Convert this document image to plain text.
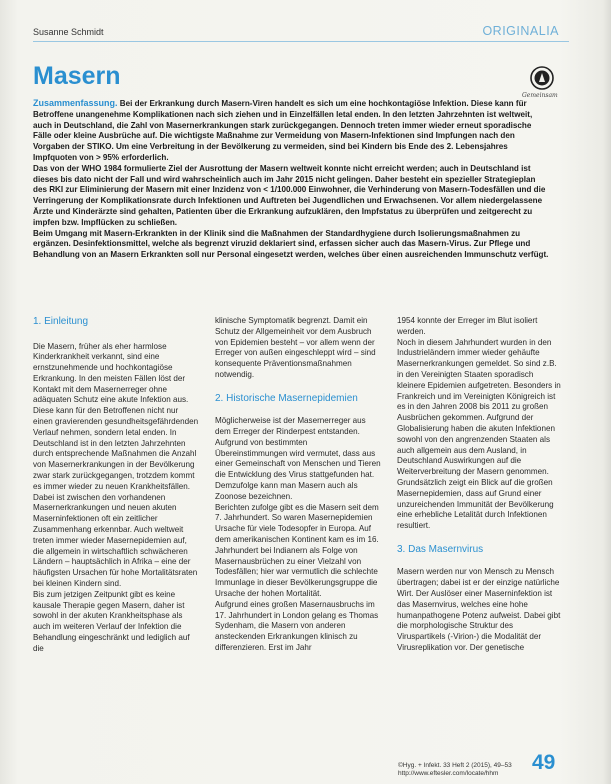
Susanne Schmidt	ORIGINALIA
Masern
Gemeinsam

Zusammenfassung. Bei der Erkrankung durch Masern-Viren handelt es sich um eine hochkontagiöse Infektion. Diese kann für Betroffene unangenehme Komplikationen nach sich ziehen und in Einzelfällen letal enden. In den letzten Jahrzehnten ist weltweit, auch in Deutschland, die Zahl von Masernerkrankungen stark zurückgegangen. Dennoch treten immer wieder erneut sporadische Fälle oder kleine Ausbrüche auf. Die wichtigste Maßnahme zur Vermeidung von Masern-Infektionen sind Impfungen nach den Vorgaben der STIKO. Um eine Verbreitung in der Bevölkerung zu vermeiden, sind bei Kindern bis Ende des 2. Lebensjahres Impfquoten von > 95% erforderlich.

Das von der WHO 1984 formulierte Ziel der Ausrottung der Masern weltweit konnte nicht erreicht werden; auch in Deutschland ist dieses bis dato nicht der Fall und wird wahrscheinlich auch im Jahr 2015 nicht gelingen. Daher besteht ein spezieller Strategieplan des RKI zur Eliminierung der Masern mit einer Inzidenz von < 1/100.000 Einwohner, die Verhinderung von Masern-Todesfällen und die Verringerung der Komplikationsrate durch Infektionen und Auftreten bei Jugendlichen und Erwachsenen. Vor allem niedergelassene Ärzte und Kinderärzte sind gehalten, Patienten über die Erkrankung aufzuklären, den Impfstatus zu überprüfen und zeitgerecht zu impfen bzw. Impflücken zu schließen.

Beim Umgang mit Masern-Erkrankten in der Klinik sind die Maßnahmen der Standardhygiene durch Isolierungsmaßnahmen zu ergänzen. Desinfektionsmittel, welche als begrenzt viruzid deklariert sind, erfassen sicher auch das Masern-Virus. Zur Pflege und Behandlung von an Masern Erkrankten soll nur Personal eingesetzt werden, welches über einen ausreichenden Immunschutz verfügt.

1. Einleitung

Die Masern, früher als eher harmlose Kinderkrankheit verkannt, sind eine ernstzunehmende und hochkontagiöse Erkrankung. In den meisten Fällen löst der Kontakt mit dem Masernerreger ohne adäquaten Schutz eine akute Infektion aus. Diese kann für den Betroffenen nicht nur einen gravierenden gesundheitsgefährdenden Verlauf nehmen, sondern letal enden. In Deutschland ist in den letzten Jahrzehnten durch entsprechende Maßnahmen die Anzahl von Masernerkrankungen in der Bevölkerung zwar stark zurückgegangen, trotzdem kommt es immer wieder zu neuen Krankheitsfällen. Dabei ist zwischen den vorhandenen Masernerkrankungen und neuen akuten Maserninfektionen oft ein zeitlicher Zusammenhang erkennbar. Auch weltweit treten immer wieder Masernepidemien auf, die allgemein in wirtschaftlich schwächeren Ländern – hauptsächlich in Afrika – eine der häufigsten Ursachen für hohe Mortalitätsraten bei kleinen Kindern sind.

Bis zum jetzigen Zeitpunkt gibt es keine kausale Therapie gegen Masern, daher ist sowohl in der akuten Krankheitsphase als auch im weiteren Verlauf der Infektion die Behandlung eingeschränkt und lediglich auf die

klinische Symptomatik begrenzt. Damit ein Schutz der Allgemeinheit vor dem Ausbruch von Epidemien besteht – vor allem wenn der Erreger von außen eingeschleppt wird – sind konsequente Präventionsmaßnahmen notwendig.

2. Historische Masernepidemien

Möglicherweise ist der Masernerreger aus dem Erreger der Rinderpest entstanden. Aufgrund von bestimmten Übereinstimmungen wird vermutet, dass aus einer Gemeinschaft von Menschen und Tieren die Entwicklung des Virus stattgefunden hat. Demzufolge kann man Masern auch als Zoonose bezeichnen.

Berichten zufolge gibt es die Masern seit dem 7. Jahrhundert. So waren Masernepidemien Ursache für viele Todesopfer in Europa. Auf dem amerikanischen Kontinent kam es im 16. Jahrhundert bei Indianern als Folge von Masernausbrüchen zu einer Vielzahl von Todesfällen; hier war vermutlich die schlechte Immunlage in dieser Bevölkerungsgruppe die Ursache der hohen Mortalität.

Aufgrund eines großen Masernausbruchs im 17. Jahrhundert in London gelang es Thomas Sydenham, die Masern von anderen ansteckenden Erkrankungen klinisch zu differenzieren. Erst im Jahr

1954 konnte der Erreger im Blut isoliert werden.

Noch in diesem Jahrhundert wurden in den Industrieländern immer wieder gehäufte Masernerkrankungen gemeldet. So sind z.B. in den Vereinigten Staaten sporadisch kleinere Epidemien aufgetreten. Besonders in Frankreich und im Vereinigten Königreich ist es in den Jahren 2008 bis 2011 zu großen Ausbrüchen gekommen. Aufgrund der Globalisierung haben die akuten Infektionen sowohl von den angrenzenden Staaten als auch allgemein aus dem Ausland, in Deutschland Auswirkungen auf die Weiterverbreitung der Masern genommen.

Grundsätzlich zeigt ein Blick auf die großen Masernepidemien, dass auf Grund einer unzureichenden Immunität der Bevölkerung eine erhebliche Letalität durch Infektionen resultiert.

3. Das Masernvirus

Masern werden nur von Mensch zu Mensch übertragen; dabei ist er der einzige natürliche Wirt. Der Auslöser einer Maserninfektion ist das Masernvirus, welches eine hohe humanpathogene Potenz aufweist. Dabei gibt die morphologische Struktur des Viruspartikels (-Virion-) die Modalität der Virusreplikation vor. Der genetische

©Hyg. + Infekt. 33 Heft 2 (2015), 49–53
http://www.eftesler.com/locate/hhm	49
